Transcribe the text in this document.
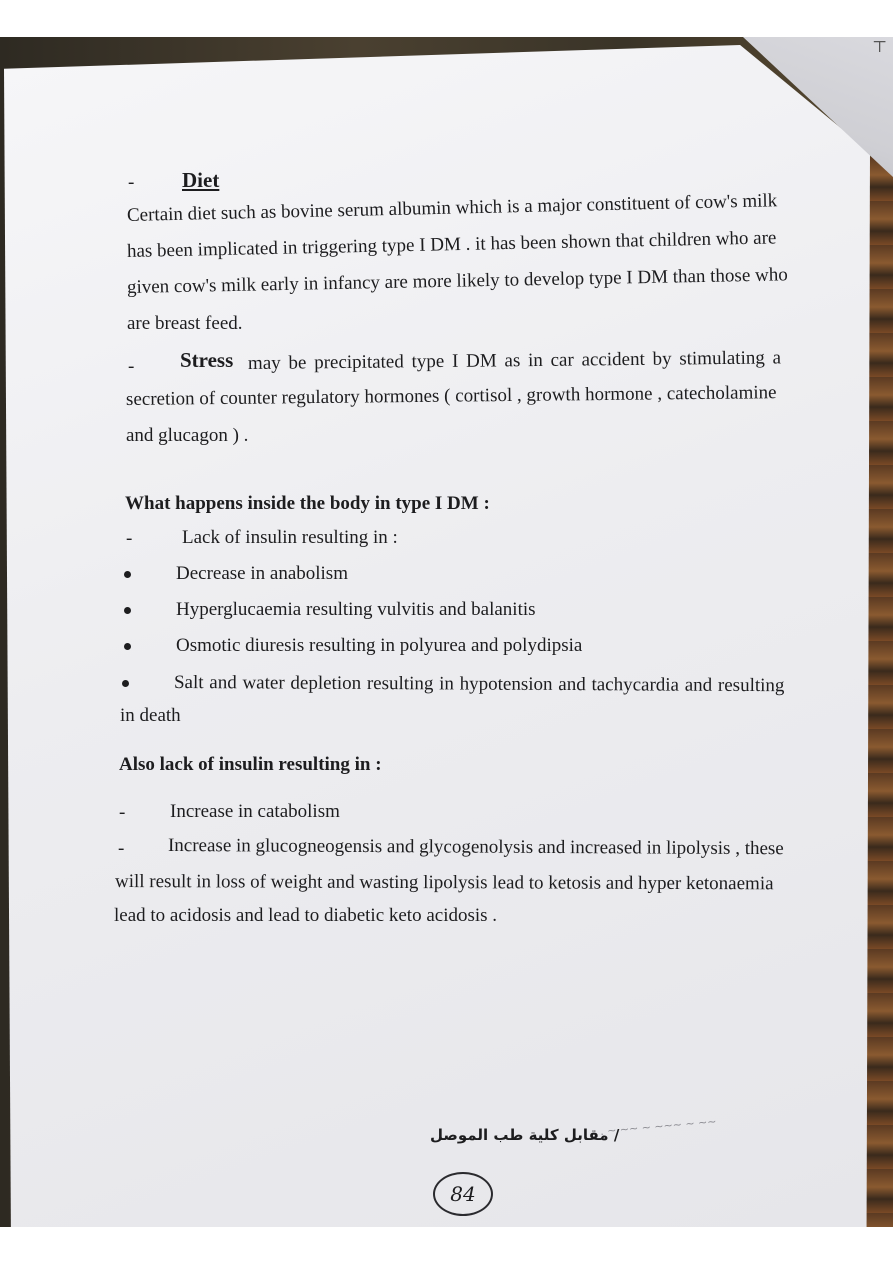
⊤
- Diet
Certain diet such as bovine serum albumin which is a major constituent of cow's milk
has been implicated in triggering type I DM . it has been shown that children who are
given cow's milk early in infancy are more likely to develop type I DM than those who
are breast feed.
- Stress may be precipitated type I DM as in car accident by stimulating a
secretion of counter regulatory hormones ( cortisol , growth hormone , catecholamine
and glucagon ) .
What happens inside the body in type I DM :
-	Lack of insulin resulting in :
Decrease in anabolism
Hyperglucaemia resulting vulvitis and balanitis
Osmotic diuresis resulting in polyurea and polydipsia
Salt and water depletion resulting in hypotension and tachycardia and resulting
in death
Also lack of insulin resulting in :
- Increase in catabolism
- Increase in glucogneogensis and glycogenolysis and increased in lipolysis , these
will result in loss of weight and wasting lipolysis lead to ketosis and hyper ketonaemia
lead to acidosis and lead to diabetic keto acidosis .
. ~ ~~ ~ ~~~ ~ ~~
/ مقابل كلية طب الموصل
84
